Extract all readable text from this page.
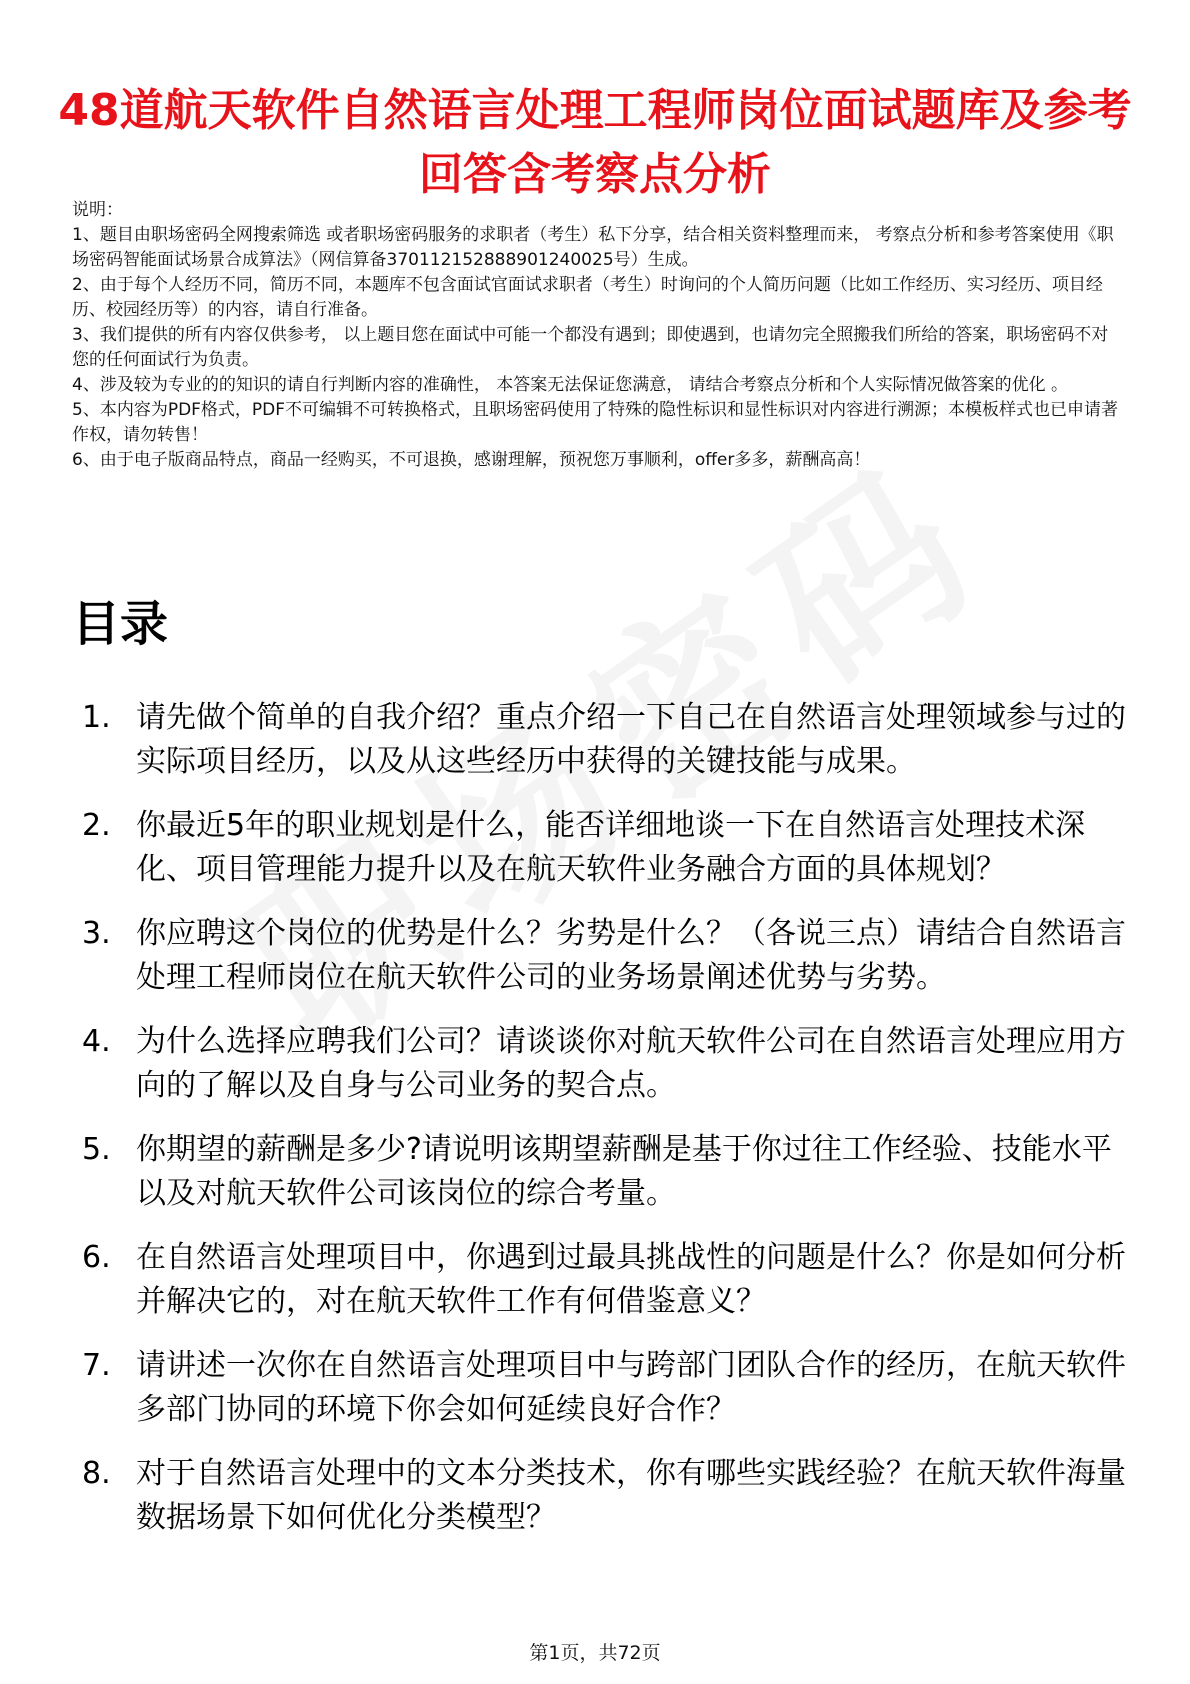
48道航天软件自然语言处理工程师岗位面试题库及参考回答含考察点分析

说明：

1、题目由职场密码全网搜索筛选 或者职场密码服务的求职者（考生）私下分享，结合相关资料整理而来， 考察点分析和参考答案使用《职场密码智能面试场景合成算法》（网信算备370112152888901240025号）生成。

2、由于每个人经历不同，简历不同，本题库不包含面试官面试求职者（考生）时询问的个人简历问题（比如工作经历、实习经历、项目经历、校园经历等）的内容，请自行准备。

3、我们提供的所有内容仅供参考， 以上题目您在面试中可能一个都没有遇到；即使遇到，也请勿完全照搬我们所给的答案，职场密码不对您的任何面试行为负责。

4、涉及较为专业的的知识的请自行判断内容的准确性， 本答案无法保证您满意， 请结合考察点分析和个人实际情况做答案的优化 。

5、本内容为PDF格式，PDF不可编辑不可转换格式，且职场密码使用了特殊的隐性标识和显性标识对内容进行溯源；本模板样式也已申请著作权，请勿转售！

6、由于电子版商品特点，商品一经购买，不可退换，感谢理解，预祝您万事顺利，offer多多，薪酬高高！

目录
1. 请先做个简单的自我介绍？重点介绍一下自己在自然语言处理领域参与过的实际项目经历，以及从这些经历中获得的关键技能与成果。
2. 你最近5年的职业规划是什么，能否详细地谈一下在自然语言处理技术深化、项目管理能力提升以及在航天软件业务融合方面的具体规划？
3. 你应聘这个岗位的优势是什么？劣势是什么？（各说三点）请结合自然语言处理工程师岗位在航天软件公司的业务场景阐述优势与劣势。
4. 为什么选择应聘我们公司？请谈谈你对航天软件公司在自然语言处理应用方向的了解以及自身与公司业务的契合点。
5. 你期望的薪酬是多少?请说明该期望薪酬是基于你过往工作经验、技能水平以及对航天软件公司该岗位的综合考量。
6. 在自然语言处理项目中，你遇到过最具挑战性的问题是什么？你是如何分析并解决它的，对在航天软件工作有何借鉴意义？
7. 请讲述一次你在自然语言处理项目中与跨部门团队合作的经历，在航天软件多部门协同的环境下你会如何延续良好合作？
8. 对于自然语言处理中的文本分类技术，你有哪些实践经验？在航天软件海量数据场景下如何优化分类模型？
第1页，共72页
